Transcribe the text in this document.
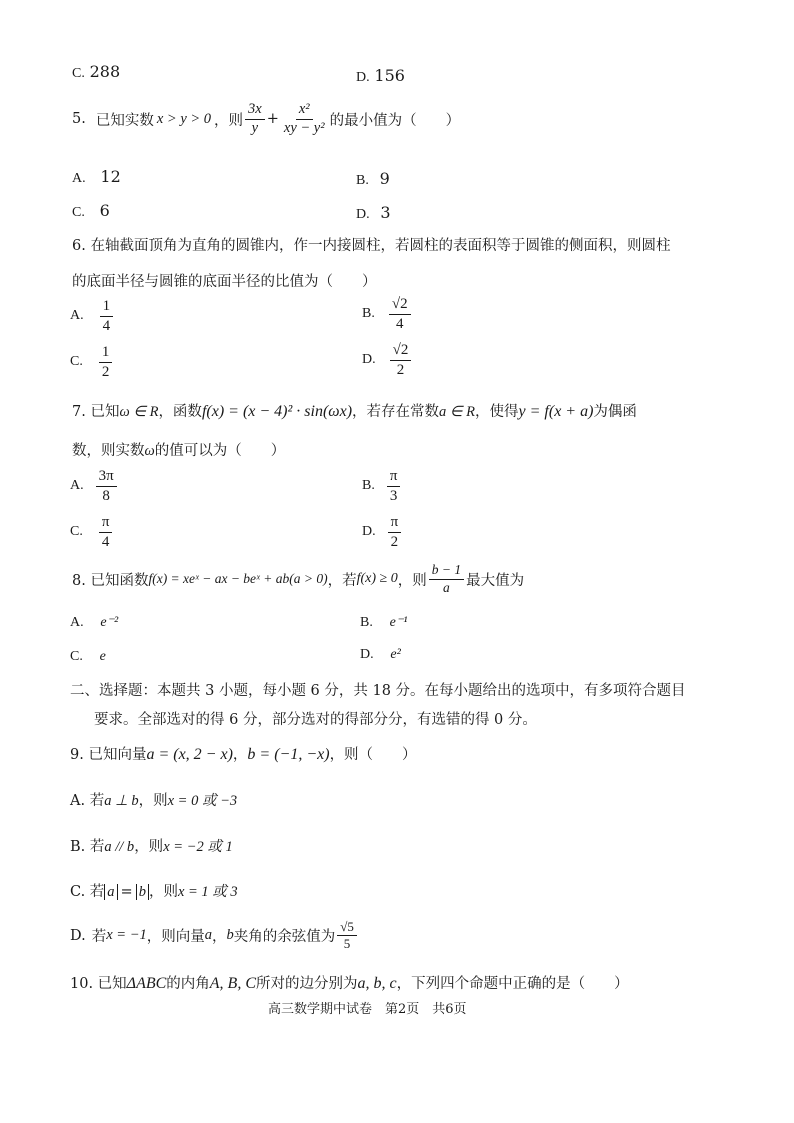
C. 288	D. 156
5. 已知实数 x > y > 0 ，则 $\frac{3x}{y} + \frac{\text{x²}}{\text{xy − y²}}$ 的最小值为（　　）
A. 12	B. 9
C. 6	D. 3
6. 在轴截面顶角为直角的圆锥内，作一内接圆柱，若圆柱的表面积等于圆锥的侧面积，则圆柱
的底面半径与圆锥的底面半径的比值为（　　）
A. $\frac{1}{4}$	B. $\frac{√2}{4}$
C. $\frac{1}{2}$	D. $\frac{√2}{2}$
7. 已知ω ∈ R，函数f(x) = (x − 4)² · sin(ωx)，若存在常数a ∈ R，使得y = f(x + a)为偶函
数，则实数ω的值可以为（　　）
A. $\frac{3\pi}{8}$	B. $\frac{\pi}{3}$
C. $\frac{\pi}{4}$	D. $\frac{\pi}{2}$
8. 已知函数 f(x) = xeˣ − ax − beˣ + ab(a > 0) ，若 f(x) ≥ 0 ，则 $\frac{b - 1}{a}$ 最大值为
A. e⁻²	B. e⁻¹
C. e	D. e²
二、选择题：本题共 3 小题，每小题 6 分，共 18 分。在每小题给出的选项中，有多项符合题目
要求。全部选对的得 6 分，部分选对的得部分分，有选错的得 0 分。
9. 已知向量a = (x, 2 − x)，b = (−1, −x)，则（　　）
A. 若a ⊥ b，则x = 0 或 −3
B. 若a // b，则x = −2 或 1
C. 若 a = b ，则x = 1 或 3
D. 若 x = −1 ，则向量 a ， b 夹角的余弦值为 $\frac{√5}{5}$
10. 已知ΔABC的内角A, B, C所对的边分别为a, b, c，下列四个命题中正确的是（　　）
高三数学期中试卷　第2页　共6页
